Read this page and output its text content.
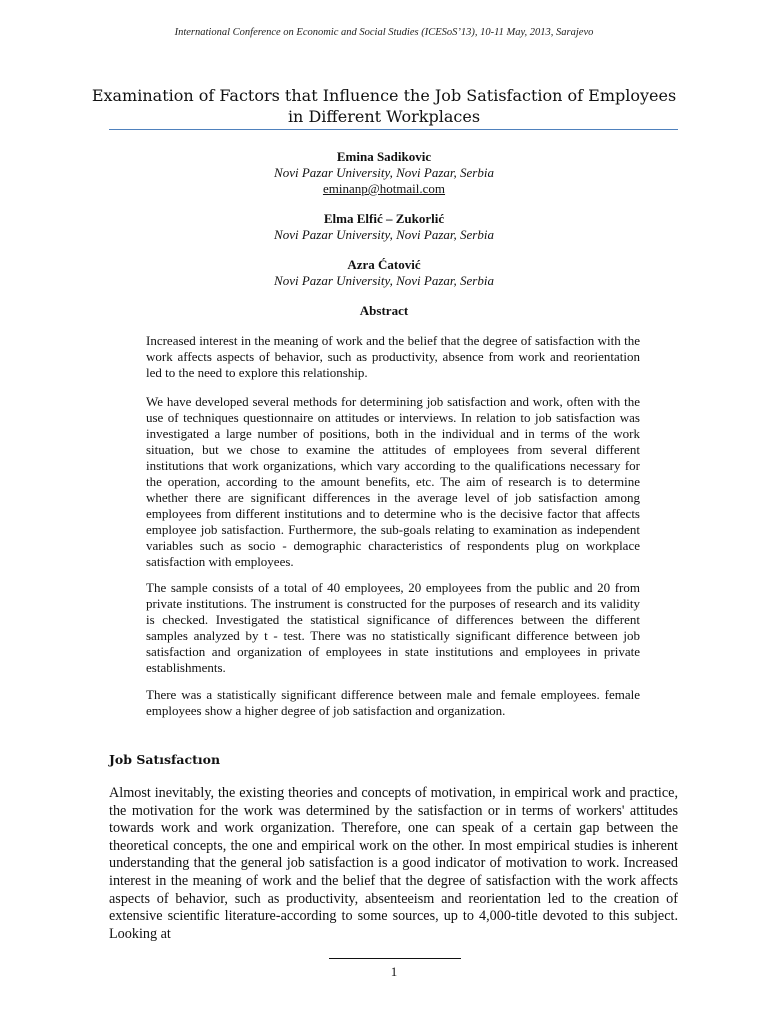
International Conference on Economic and Social Studies (ICESoS’13), 10-11 May, 2013, Sarajevo
Examination of Factors that Influence the Job Satisfaction of Employees in Different Workplaces
Emina Sadikovic
Novi Pazar University, Novi Pazar, Serbia
eminanp@hotmail.com
Elma Elfić – Zukorlić
Novi Pazar University, Novi Pazar, Serbia
Azra Ćatović
Novi Pazar University, Novi Pazar, Serbia
Abstract

Increased interest in the meaning of work and the belief that the degree of satisfaction with the work affects aspects of behavior, such as productivity, absence from work and reorientation led to the need to explore this relationship.

We have developed several methods for determining job satisfaction and work, often with the use of techniques questionnaire on attitudes or interviews. In relation to job satisfaction was investigated a large number of positions, both in the individual and in terms of the work situation, but we chose to examine the attitudes of employees from several different institutions that work organizations, which vary according to the qualifications necessary for the operation, according to the amount benefits, etc. The aim of research is to determine whether there are significant differences in the average level of job satisfaction among employees from different institutions and to determine who is the decisive factor that affects employee job satisfaction. Furthermore, the sub-goals relating to examination as independent variables such as socio - demographic characteristics of respondents plug on workplace satisfaction with employees.

The sample consists of a total of 40 employees, 20 employees from the public and 20 from private institutions. The instrument is constructed for the purposes of research and its validity is checked. Investigated the statistical significance of differences between the different samples analyzed by t - test. There was no statistically significant difference between job satisfaction and organization of employees in state institutions and employees in private establishments.

There was a statistically significant difference between male and female employees. female employees show a higher degree of job satisfaction and organization.

Job Satısfactıon

Almost inevitably, the existing theories and concepts of motivation, in empirical work and practice, the motivation for the work was determined by the satisfaction or in terms of workers' attitudes towards work and work organization. Therefore, one can speak of a certain gap between the theoretical concepts, the one and empirical work on the other. In most empirical studies is inherent understanding that the general job satisfaction is a good indicator of motivation to work. Increased interest in the meaning of work and the belief that the degree of satisfaction with the work affects aspects of behavior, such as productivity, absenteeism and reorientation led to the creation of extensive scientific literature-according to some sources, up to 4,000-title devoted to this subject. Looking at

1
